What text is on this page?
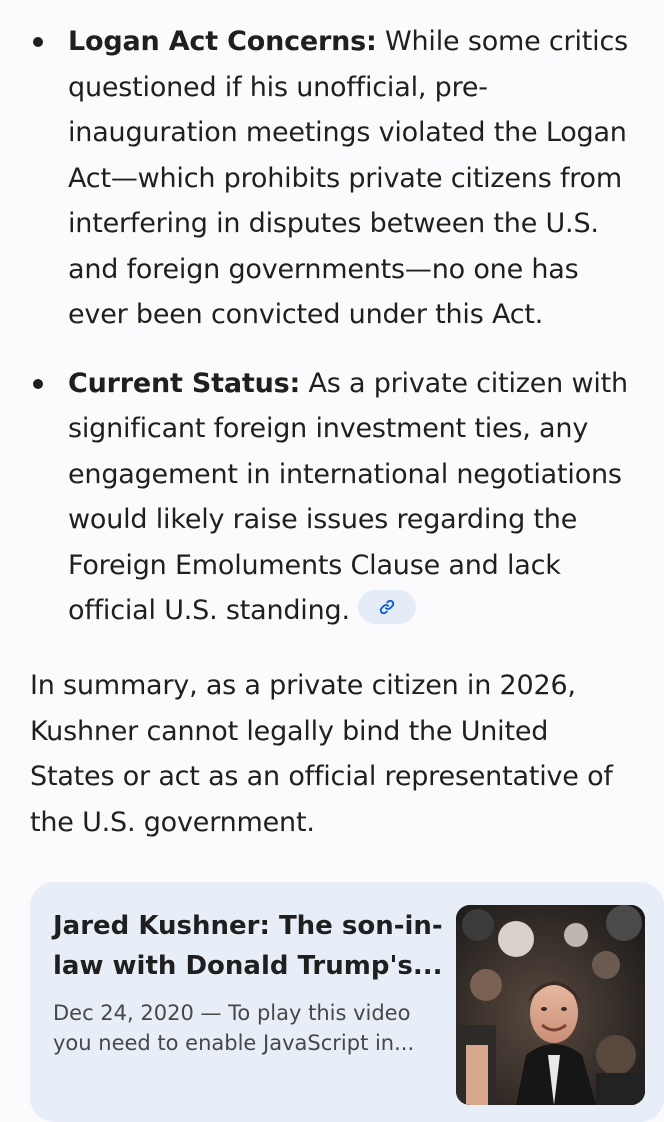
Logan Act Concerns: While some critics questioned if his unofficial, pre-inauguration meetings violated the Logan Act—which prohibits private citizens from interfering in disputes between the U.S. and foreign governments—no one has ever been convicted under this Act.
Current Status: As a private citizen with significant foreign investment ties, any engagement in international negotiations would likely raise issues regarding the Foreign Emoluments Clause and lack official U.S. standing.

In summary, as a private citizen in 2026, Kushner cannot legally bind the United States or act as an official representative of the U.S. government.

Jared Kushner: The son-in-law with Donald Trump's...

Dec 24, 2020 — To play this video you need to enable JavaScript in...
